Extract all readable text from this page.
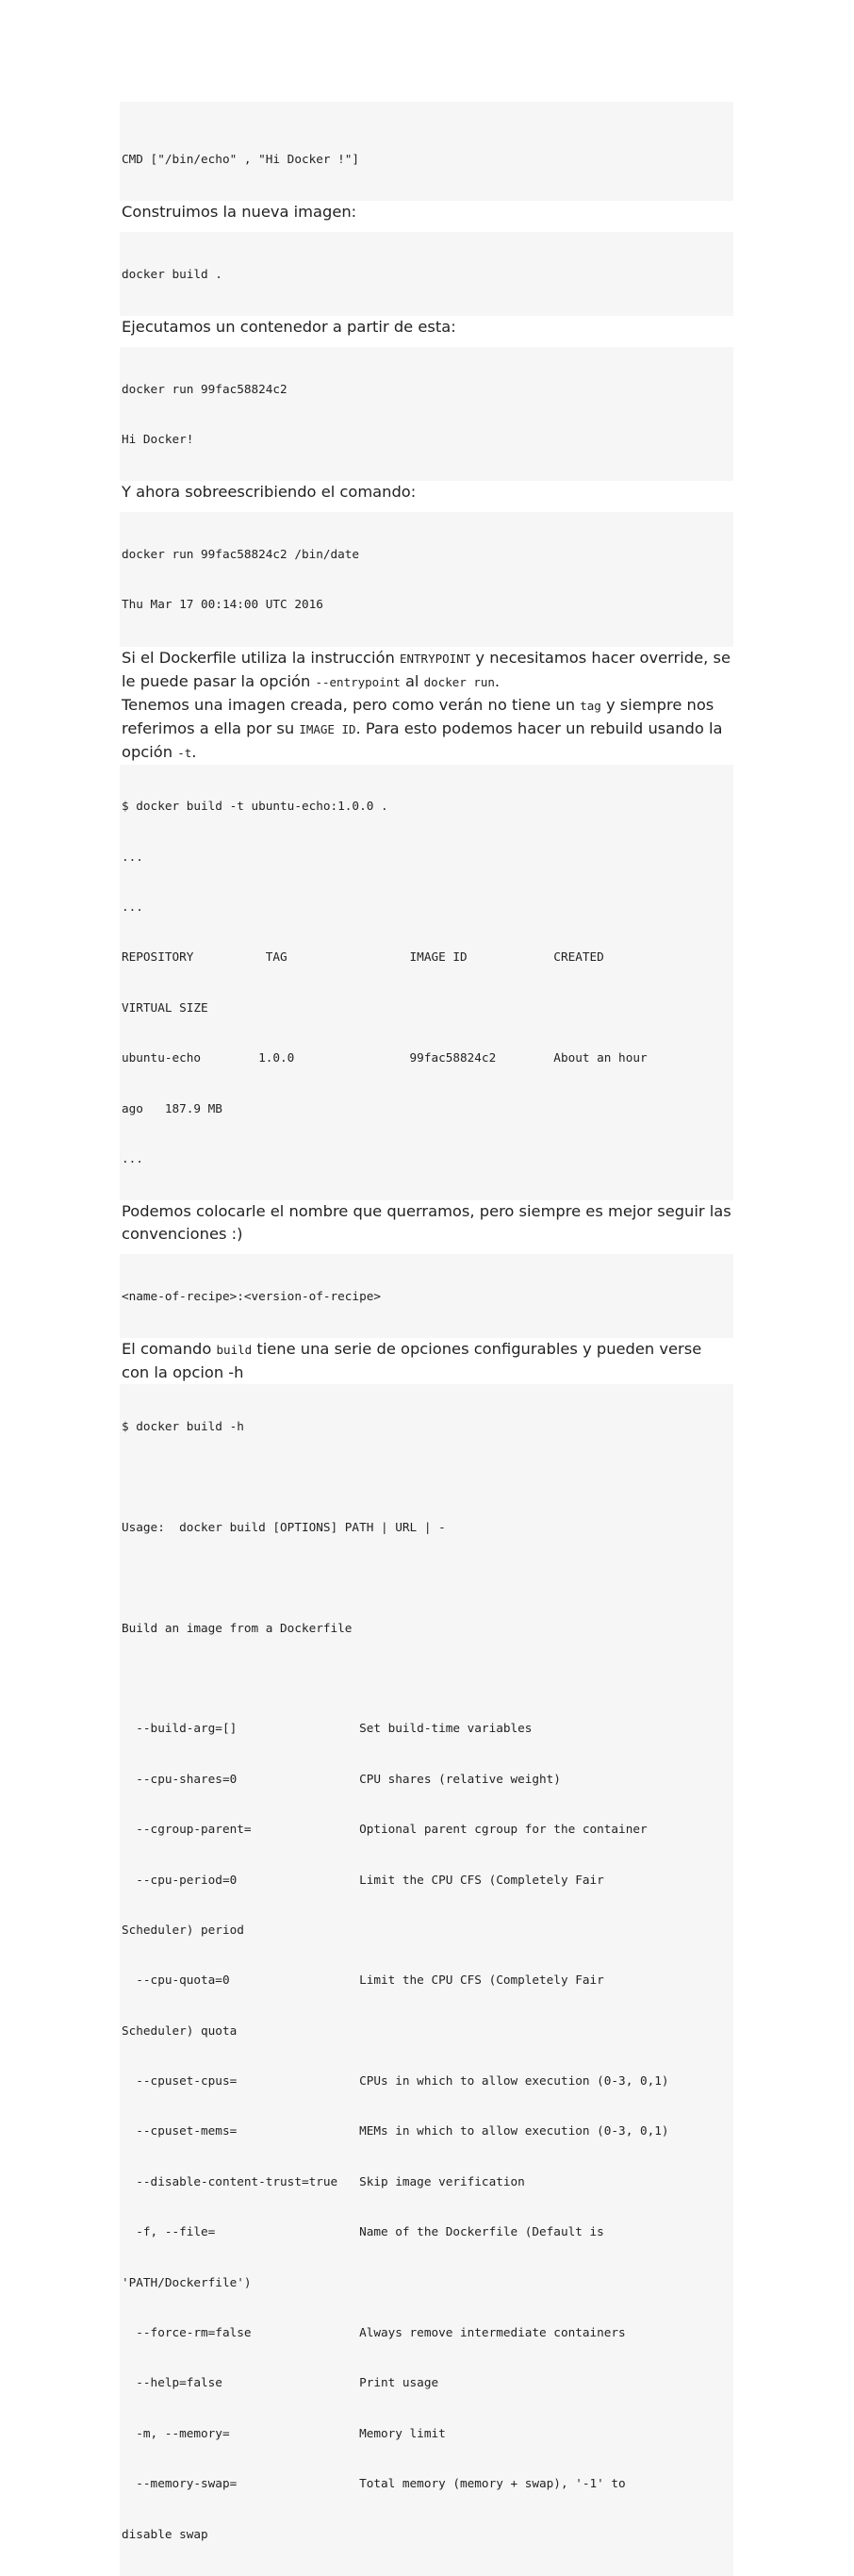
CMD ["/bin/echo" , "Hi Docker !"]

Construimos la nueva imagen:

docker build .

Ejecutamos un contenedor a partir de esta:

docker run 99fac58824c2

Hi Docker!

Y ahora sobreescribiendo el comando:

docker run 99fac58824c2 /bin/date

Thu Mar 17 00:14:00 UTC 2016

Si el Dockerfile utiliza la instrucción ENTRYPOINT y necesitamos hacer override, se le puede pasar la opción --entrypoint al docker run.

Tenemos una imagen creada, pero como verán no tiene un tag y siempre nos referimos a ella por su IMAGE ID. Para esto podemos hacer un rebuild usando la opción -t.

$ docker build -t ubuntu-echo:1.0.0 .

...

...

REPOSITORY          TAG                 IMAGE ID            CREATED

VIRTUAL SIZE

ubuntu-echo        1.0.0                99fac58824c2        About an hour

ago   187.9 MB

...

Podemos colocarle el nombre que querramos, pero siempre es mejor seguir las convenciones :)

<name-of-recipe>:<version-of-recipe>

El comando build tiene una serie de opciones configurables y pueden verse con la opcion -h

$ docker build -h

Usage:  docker build [OPTIONS] PATH | URL | -

Build an image from a Dockerfile

--build-arg=[]                 Set build-time variables

--cpu-shares=0                 CPU shares (relative weight)

--cgroup-parent=               Optional parent cgroup for the container

--cpu-period=0                 Limit the CPU CFS (Completely Fair

Scheduler) period

--cpu-quota=0                  Limit the CPU CFS (Completely Fair

Scheduler) quota

--cpuset-cpus=                 CPUs in which to allow execution (0-3, 0,1)

--cpuset-mems=                 MEMs in which to allow execution (0-3, 0,1)

--disable-content-trust=true   Skip image verification

-f, --file=                    Name of the Dockerfile (Default is

'PATH/Dockerfile')

--force-rm=false               Always remove intermediate containers

--help=false                   Print usage

-m, --memory=                  Memory limit

--memory-swap=                 Total memory (memory + swap), '-1' to

disable swap
